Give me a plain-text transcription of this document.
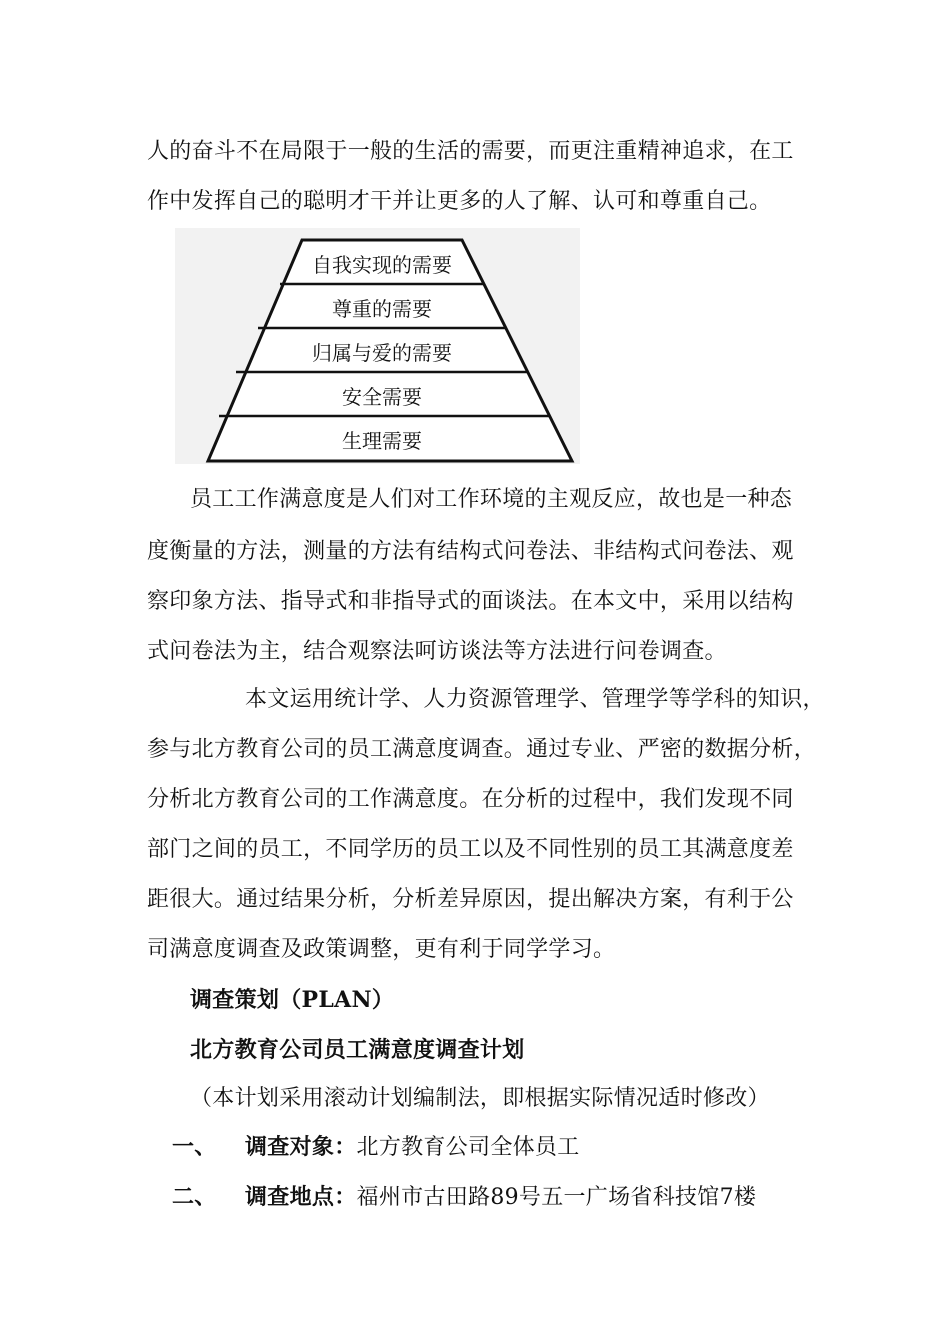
人的奋斗不在局限于一般的生活的需要，而更注重精神追求，在工
作中发挥自己的聪明才干并让更多的人了解、认可和尊重自己。
自我实现的需要
尊重的需要
归属与爱的需要
安全需要
生理需要
员工工作满意度是人们对工作环境的主观反应，故也是一种态
度衡量的方法，测量的方法有结构式问卷法、非结构式问卷法、观
察印象方法、指导式和非指导式的面谈法。在本文中，采用以结构
式问卷法为主，结合观察法呵访谈法等方法进行问卷调查。
本文运用统计学、人力资源管理学、管理学等学科的知识，
参与北方教育公司的员工满意度调查。通过专业、严密的数据分析，
分析北方教育公司的工作满意度。在分析的过程中，我们发现不同
部门之间的员工，不同学历的员工以及不同性别的员工其满意度差
距很大。通过结果分析，分析差异原因，提出解决方案，有利于公
司满意度调查及政策调整，更有利于同学学习。
调查策划（PLAN）
北方教育公司员工满意度调查计划
（本计划采用滚动计划编制法，即根据实际情况适时修改）
一、 调查对象：北方教育公司全体员工
二、 调查地点：福州市古田路89号五一广场省科技馆7楼
